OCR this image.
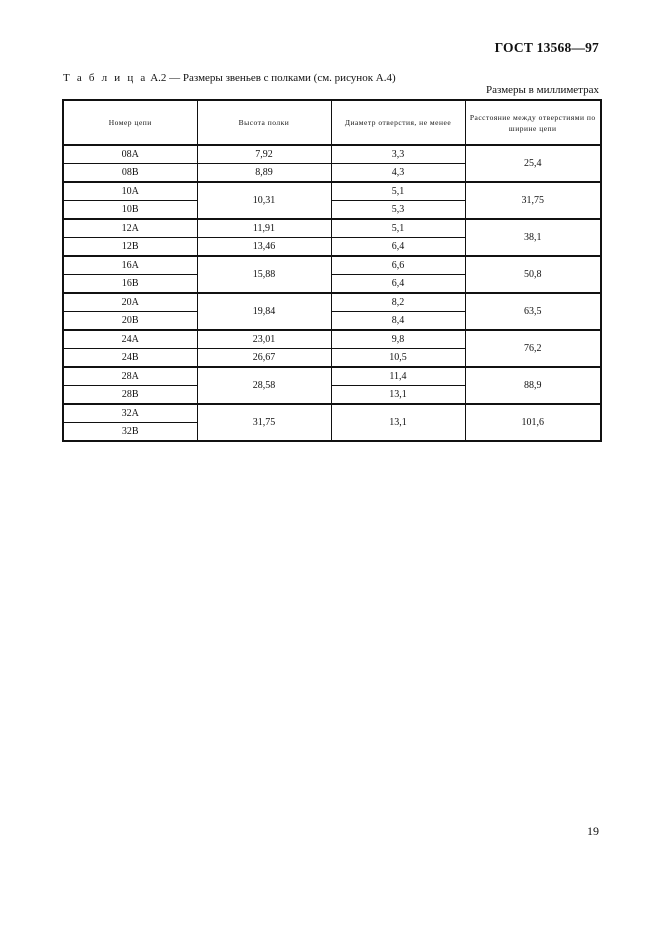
ГОСТ 13568—97
Т а б л и ц а А.2 — Размеры звеньев с полками (см. рисунок А.4)
Размеры в миллиметрах
Номер цепи	Высота полки	Диаметр отверстия, не менее	Расстояние между отверстиями по ширине цепи
08A	7,92	3,3	25,4
08B	8,89	4,3	
10A	10,31	5,1	31,75
10B		5,3	
12A	11,91	5,1	38,1
12B	13,46	6,4	
16A	15,88	6,6	50,8
16B		6,4	
20A	19,84	8,2	63,5
20B		8,4	
24A	23,01	9,8	76,2
24B	26,67	10,5	
28A	28,58	11,4	88,9
28B		13,1	
32A	31,75	13,1	101,6
32B			
19
